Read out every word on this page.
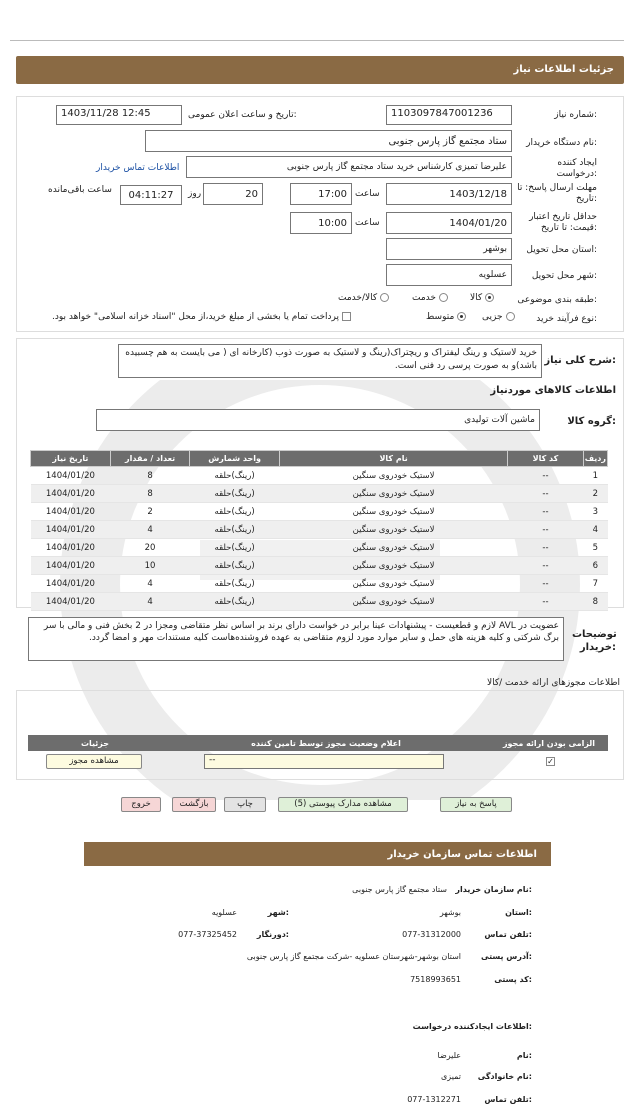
جزئیات اطلاعات نیاز
شماره نیاز:
1103097847001236
تاریخ و ساعت اعلان عمومی:
1403/11/28 12:45
نام دستگاه خریدار:
ستاد مجتمع گاز پارس جنوبی
ایجاد کننده درخواست:
علیرضا تمیزی کارشناس خرید ستاد مجتمع گاز پارس جنوبی
اطلاعات تماس خریدار
مهلت ارسال پاسخ: تا تاریخ:
1403/12/18
ساعت
17:00
20
روز
04:11:27
ساعت باقی‌مانده
حداقل تاریخ اعتبار قیمت: تا تاریخ:
1404/01/20
ساعت
10:00
استان محل تحویل:
بوشهر
شهر محل تحویل:
عسلویه
طبقه بندی موضوعی:
کالا
خدمت
کالا/خدمت
نوع فرآیند خرید:
جزیی
متوسط
پرداخت تمام یا بخشی از مبلغ خرید،از محل "اسناد خزانه اسلامی" خواهد بود.
شرح کلی نیاز:
خرید لاستیک و رینگ لیفتراک و ریچتراک(رینگ و لاستیک به صورت ذوب (کارخانه ای ( می بایست به هم چسبیده باشد)و به صورت پرسی رد فنی است.
اطلاعات کالاهای موردنیاز
گروه کالا:
ماشین آلات تولیدی
ردیف	کد کالا	نام کالا	واحد شمارش	تعداد / مقدار	تاریخ نیاز
1	--	لاستیک خودروی سنگین	(رینگ)حلقه	8	1404/01/20
2	--	لاستیک خودروی سنگین	(رینگ)حلقه	8	1404/01/20
3	--	لاستیک خودروی سنگین	(رینگ)حلقه	2	1404/01/20
4	--	لاستیک خودروی سنگین	(رینگ)حلقه	4	1404/01/20
5	--	لاستیک خودروی سنگین	(رینگ)حلقه	20	1404/01/20
6	--	لاستیک خودروی سنگین	(رینگ)حلقه	10	1404/01/20
7	--	لاستیک خودروی سنگین	(رینگ)حلقه	4	1404/01/20
8	--	لاستیک خودروی سنگین	(رینگ)حلقه	4	1404/01/20
توضیحات خریدار:
عضویت در AVL لازم و قطعیست - پیشنهادات عینا برابر در خواست دارای برند بر اساس نظر متقاضی ومجزا در 2 بخش فنی و مالی با سر برگ شرکتی و کلیه هزینه های حمل و سایر موارد مورد لزوم متقاضی به عهده فروشنده‌هاست کلیه مستندات مهر و امضا گردد.
اطلاعات مجوزهای ارائه خدمت /کالا
الزامی بودن ارائه مجوز	اعلام وضعیت مجوز توسط تامین کننده	جزئیات
✓
--
مشاهده مجوز
پاسخ به نیاز
مشاهده مدارک پیوستی (5)
چاپ
بازگشت
خروج
اطلاعات تماس سازمان خریدار
نام سازمان خریدار:
ستاد مجتمع گاز پارس جنوبی
استان:
بوشهر
شهر:
عسلویه
تلفن تماس:
077-31312000
دورنگار:
077-37325452
آدرس پستی:
استان بوشهر-شهرستان عسلویه -شرکت مجتمع گاز پارس جنوبی
کد پستی:
7518993651
اطلاعات ایجادکننده درخواست:
نام:
علیرضا
نام خانوادگی:
تمیزی
تلفن تماس:
077-1312271
